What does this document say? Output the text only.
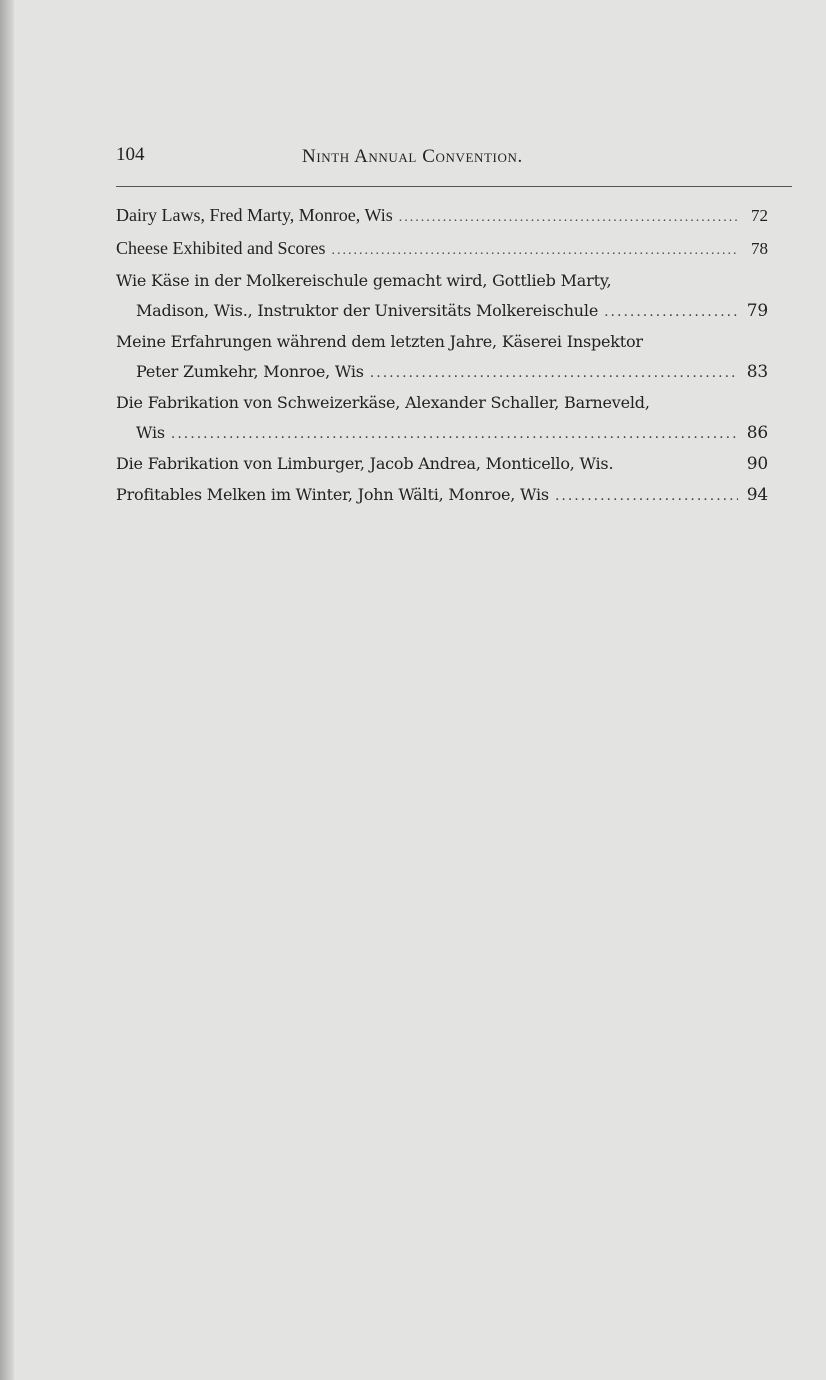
104	Ninth Annual Convention.
Dairy Laws, Fred Marty, Monroe, Wis .....	72
Cheese Exhibited and Scores .....	78
Wie Käse in der Molkereischule gemacht wird, Gottlieb Marty,
Madison, Wis., Instruktor der Universitäts Molkereischule .....	79
Meine Erfahrungen während dem letzten Jahre, Käserei Inspektor
Peter Zumkehr, Monroe, Wis .....	83
Die Fabrikation von Schweizerkäse, Alexander Schaller, Barneveld,
Wis .....	86
Die Fabrikation von Limburger, Jacob Andrea, Monticello, Wis.	90
Profitables Melken im Winter, John Wälti, Monroe, Wis .....	94
